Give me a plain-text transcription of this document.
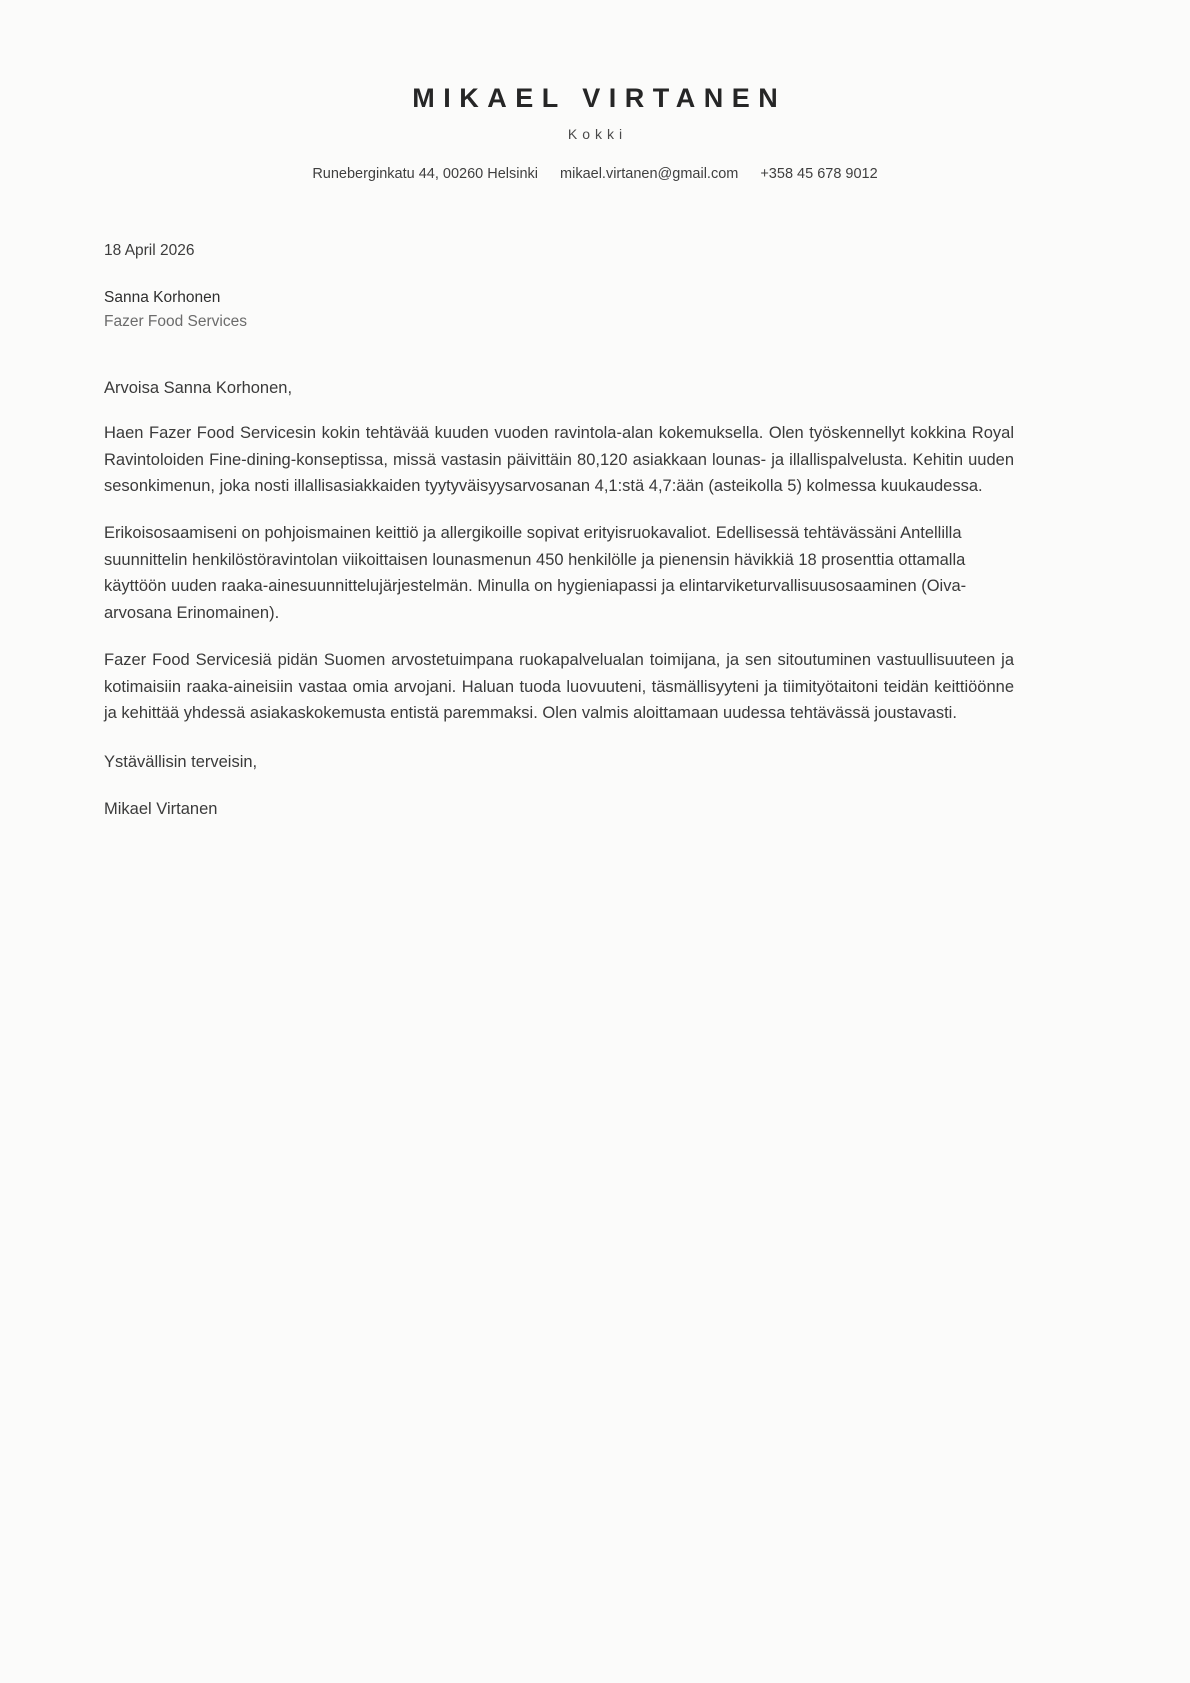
MIKAEL VIRTANEN
Kokki
Runeberginkatu 44, 00260 Helsinki mikael.virtanen@gmail.com +358 45 678 9012
18 April 2026
Sanna Korhonen
Fazer Food Services
Arvoisa Sanna Korhonen,

Haen Fazer Food Servicesin kokin tehtävää kuuden vuoden ravintola-alan kokemuksella. Olen työskennellyt kokkina Royal Ravintoloiden Fine-dining-konseptissa, missä vastasin päivittäin 80,120 asiakkaan lounas- ja illallispalvelusta. Kehitin uuden sesonkimenun, joka nosti illallisasiakkaiden tyytyväisyysarvosanan 4,1:stä 4,7:ään (asteikolla 5) kolmessa kuukaudessa.

Erikoisosaamiseni on pohjoismainen keittiö ja allergikoille sopivat erityisruokavaliot. Edellisessä tehtävässäni Antellilla suunnittelin henkilöstöravintolan viikoittaisen lounasmenun 450 henkilölle ja pienensin hävikkiä 18 prosenttia ottamalla käyttöön uuden raaka-ainesuunnittelujärjestelmän. Minulla on hygieniapassi ja elintarviketurvallisuusosaaminen (Oiva-arvosana Erinomainen).

Fazer Food Servicesiä pidän Suomen arvostetuimpana ruokapalvelualan toimijana, ja sen sitoutuminen vastuullisuuteen ja kotimaisiin raaka-aineisiin vastaa omia arvojani. Haluan tuoda luovuuteni, täsmällisyyteni ja tiimityötaitoni teidän keittiöönne ja kehittää yhdessä asiakaskokemusta entistä paremmaksi. Olen valmis aloittamaan uudessa tehtävässä joustavasti.

Ystävällisin terveisin,
Mikael Virtanen
